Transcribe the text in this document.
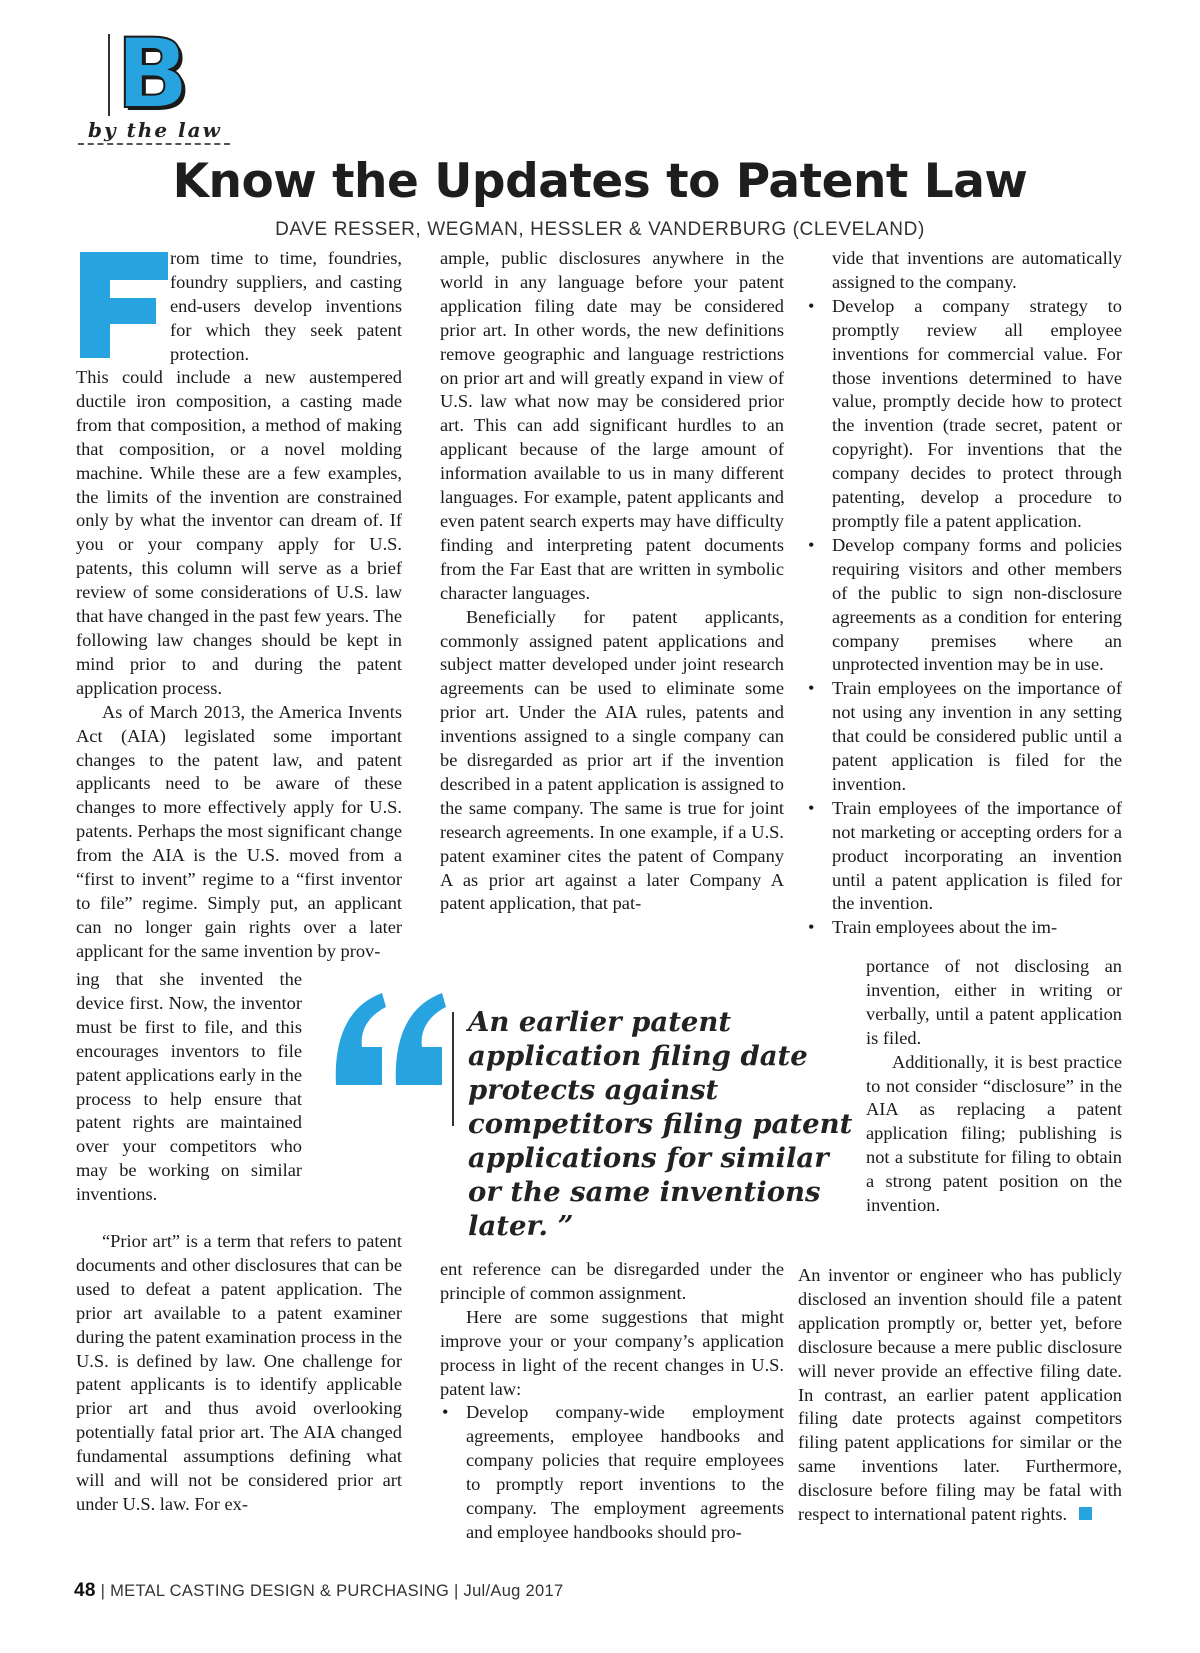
B
by the law
Know the Updates to Patent Law
DAVE RESSER, WEGMAN, HESSLER & VANDERBURG (CLEVELAND)

rom time to time, foundries, foundry suppliers, and casting end-users develop inventions for which they seek patent protection.

This could include a new austempered ductile iron composition, a casting made from that composition, a method of making that composition, or a novel molding machine. While these are a few examples, the limits of the invention are constrained only by what the inventor can dream of. If you or your company apply for U.S. patents, this column will serve as a brief review of some considerations of U.S. law that have changed in the past few years. The following law changes should be kept in mind prior to and during the patent application process.

As of March 2013, the America Invents Act (AIA) legislated some important changes to the patent law, and patent applicants need to be aware of these changes to more effectively apply for U.S. patents. Perhaps the most significant change from the AIA is the U.S. moved from a “first to invent” regime to a “first inventor to file” regime. Simply put, an applicant can no longer gain rights over a later applicant for the same invention by prov-

ing that she invented the device first. Now, the inventor must be first to file, and this encourages inventors to file patent applications early in the process to help ensure that patent rights are maintained over your competitors who may be working on similar inventions.

“Prior art” is a term that refers to patent documents and other disclosures that can be used to defeat a patent application. The prior art available to a patent examiner during the patent examination process in the U.S. is defined by law. One challenge for patent applicants is to identify applicable prior art and thus avoid overlooking potentially fatal prior art. The AIA changed fundamental assumptions defining what will and will not be considered prior art under U.S. law. For ex-

ample, public disclosures anywhere in the world in any language before your patent application filing date may be considered prior art. In other words, the new definitions remove geographic and language restrictions on prior art and will greatly expand in view of U.S. law what now may be considered prior art. This can add significant hurdles to an applicant because of the large amount of information available to us in many different languages. For example, patent applicants and even patent search experts may have difficulty finding and interpreting patent documents from the Far East that are written in symbolic character languages.

Beneficially for patent applicants, commonly assigned patent applications and subject matter developed under joint research agreements can be used to eliminate some prior art. Under the AIA rules, patents and inventions assigned to a single company can be disregarded as prior art if the invention described in a patent application is assigned to the same company. The same is true for joint research agreements. In one example, if a U.S. patent examiner cites the patent of Company A as prior art against a later Company A patent application, that pat-

ent reference can be disregarded under the principle of common assignment.

Here are some suggestions that might improve your or your company’s application process in light of the recent changes in U.S. patent law:

• Develop company-wide employment agreements, employee handbooks and company policies that require employees to promptly report inventions to the company. The employment agreements and employee handbooks should pro-

vide that inventions are automatically assigned to the company.

• Develop a company strategy to promptly review all employee inventions for commercial value. For those inventions determined to have value, promptly decide how to protect the invention (trade secret, patent or copyright). For inventions that the company decides to protect through patenting, develop a procedure to promptly file a patent application.
• Develop company forms and policies requiring visitors and other members of the public to sign non-disclosure agreements as a condition for entering company premises where an unprotected invention may be in use.
• Train employees on the importance of not using any invention in any setting that could be considered public until a patent application is filed for the invention.
• Train employees of the importance of not marketing or accepting orders for a product incorporating an invention until a patent application is filed for the invention.
• Train employees about the im-

portance of not disclosing an invention, either in writing or verbally, until a patent application is filed.

Additionally, it is best practice to not consider “disclosure” in the AIA as replacing a patent application filing; publishing is not a substitute for filing to obtain a strong patent position on the invention.

An inventor or engineer who has publicly disclosed an invention should file a patent application promptly or, better yet, before disclosure because a mere public disclosure will never provide an effective filing date. In contrast, an earlier patent application filing date protects against competitors filing patent applications for similar or the same inventions later. Furthermore, disclosure before filing may be fatal with respect to international patent rights.

An earlier patent application filing date protects against competitors filing patent applications for similar or the same inventions later. ”
48 | METAL CASTING DESIGN & PURCHASING | Jul/Aug 2017
